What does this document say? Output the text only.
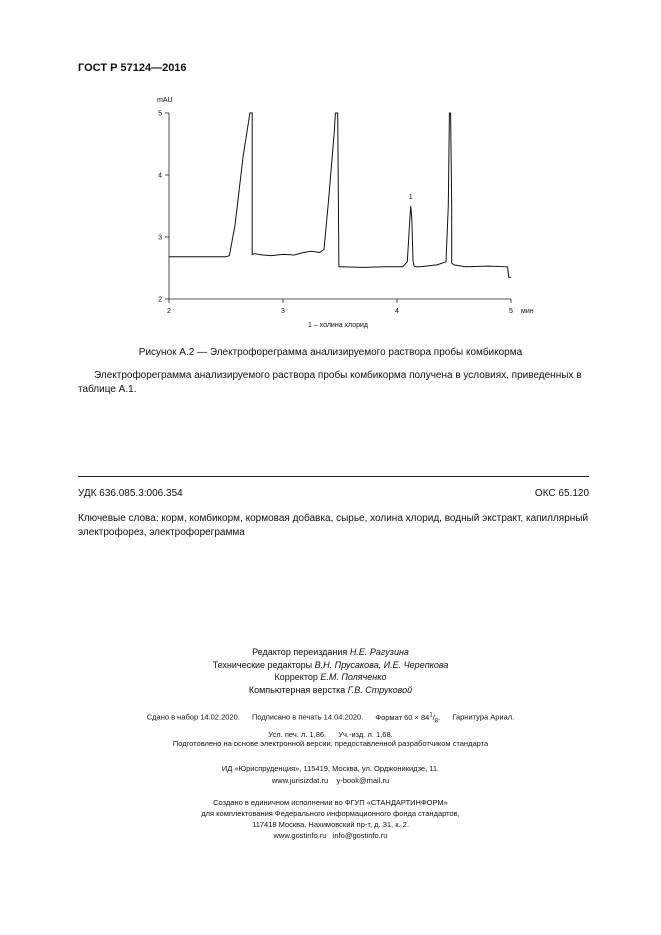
ГОСТ Р 57124—2016
2
3
4
5
2	3	4	5
mAU
мин
1
1 – холина хлорид
Рисунок А.2 — Электрофореграмма анализируемого раствора пробы комбикорма
Электрофореграмма анализируемого раствора пробы комбикорма получена в условиях, приведенных в таблице А.1.
УДК 636.085.3:006.354	ОКС 65.120
Ключевые слова: корм, комбикорм, кормовая добавка, сырье, холина хлорид, водный экстракт, капиллярный электрофорез, электрофореграмма
Редактор переиздания Н.Е. Рагузина
Технические редакторы В.Н. Прусакова, И.Е. Черепкова
Корректор Е.М. Поляченко
Компьютерная верстка Г.В. Струковой
Сдано в набор 14.02.2020. Подписано в печать 14.04.2020. Формат $60 \times 84^1/_8$. Гарнитура Ариал.
Усл. печ. л. 1,86. Уч.-изд. л. 1,68.
Подготовлено на основе электронной версии, предоставленной разработчиком стандарта
ИД «Юриспруденция», 115419, Москва, ул. Орджоникидзе, 11.
www.jurisizdat.ru y-book@mail.ru
Создано в единичном исполнении во ФГУП «СТАНДАРТИНФОРМ»
для комплектования Федерального информационного фонда стандартов,
117418 Москва, Нахимовский пр-т, д. 31, к. 2.
www.gostinfo.ru info@gostinfo.ru
